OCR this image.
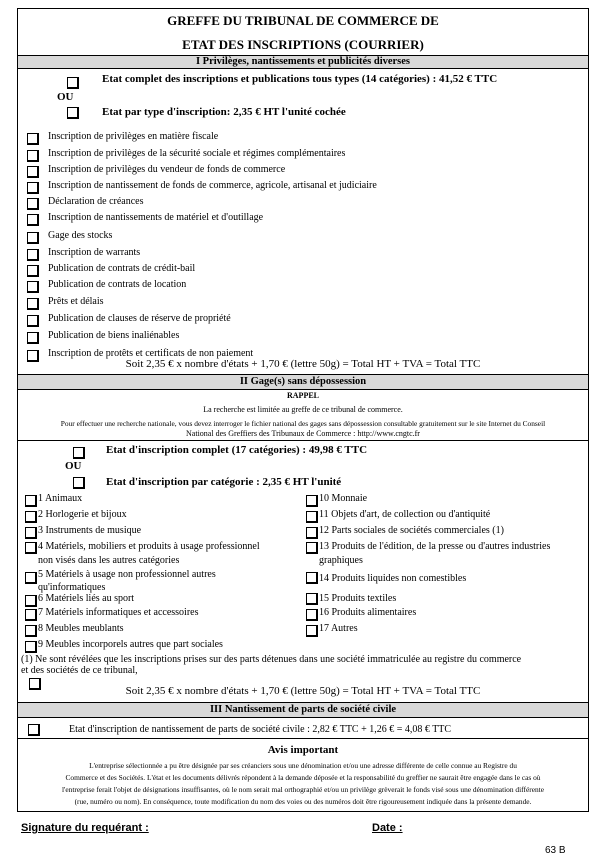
GREFFE DU TRIBUNAL DE COMMERCE DE
ETAT DES INSCRIPTIONS (COURRIER)
I Privilèges, nantissements et publicités diverses
Etat complet des inscriptions et publications tous types (14 catégories) : 41,52 € TTC
OU
Etat par type d'inscription: 2,35 € HT l'unité cochée
Inscription de privilèges en matière fiscale
Inscription de privilèges de la sécurité sociale et régimes complémentaires
Inscription de privilèges du vendeur de fonds de commerce
Inscription de nantissement de fonds de commerce, agricole, artisanal et judiciaire
Déclaration de créances
Inscription de nantissements de matériel et d'outillage
Gage des stocks
Inscription de warrants
Publication de contrats de crédit-bail
Publication de contrats de location
Prêts et délais
Publication de clauses de réserve de propriété
Publication de biens inaliénables
Inscription de protêts et certificats de non paiement
Soit 2,35 € x nombre d'états + 1,70 € (lettre 50g) = Total HT + TVA = Total TTC
II Gage(s) sans dépossession
RAPPEL
La recherche est limitée au greffe de ce tribunal de commerce.
Pour effectuer une recherche nationale, vous devez interroger le fichier national des gages sans dépossession consultable gratuitement sur le site Internet du Conseil
National des Greffiers des Tribunaux de Commerce : http://www.cngtc.fr
Etat d'inscription complet (17 catégories) : 49,98 € TTC
OU
Etat d'inscription par catégorie : 2,35 € HT l'unité
1 Animaux
2 Horlogerie et bijoux
3 Instruments de musique
4 Matériels, mobiliers et produits à usage professionnel
non visés dans les autres catégories
5 Matériels à usage non professionnel autres
qu'informatiques
6 Matériels liés au sport
7 Matériels informatiques et accessoires
8 Meubles meublants
9 Meubles incorporels autres que part sociales
10 Monnaie
11 Objets d'art, de collection ou d'antiquité
12 Parts sociales de sociétés commerciales (1)
13 Produits de l'édition, de la presse ou d'autres industries
graphiques
14 Produits liquides non comestibles
15 Produits textiles
16 Produits alimentaires
17 Autres
(1) Ne sont révélées que les inscriptions prises sur des parts détenues dans une société immatriculée au registre du commerce
et des sociétés de ce tribunal,
Soit 2,35 € x nombre d'états + 1,70 € (lettre 50g) = Total HT + TVA = Total TTC
III Nantissement de parts de société civile
Etat d'inscription de nantissement de parts de société civile : 2,82 € TTC + 1,26 € = 4,08 € TTC
Avis important
L'entreprise sélectionnée a pu être désignée par ses créanciers sous une dénomination et/ou une adresse différente de celle connue au Registre du
Commerce et des Sociétés. L'état et les documents délivrés répondent à la demande déposée et la responsabilité du greffier ne saurait être engagée dans le cas où
l'entreprise ferait l'objet de désignations insuffisantes, où le nom serait mal orthographié et/ou un privilège grèverait le fonds visé sous une dénomination différente
(rue, numéro ou nom). En conséquence, toute modification du nom des voies ou des numéros doit être rigoureusement indiquée dans la présente demande.
Signature du requérant :	Date :
63 B
